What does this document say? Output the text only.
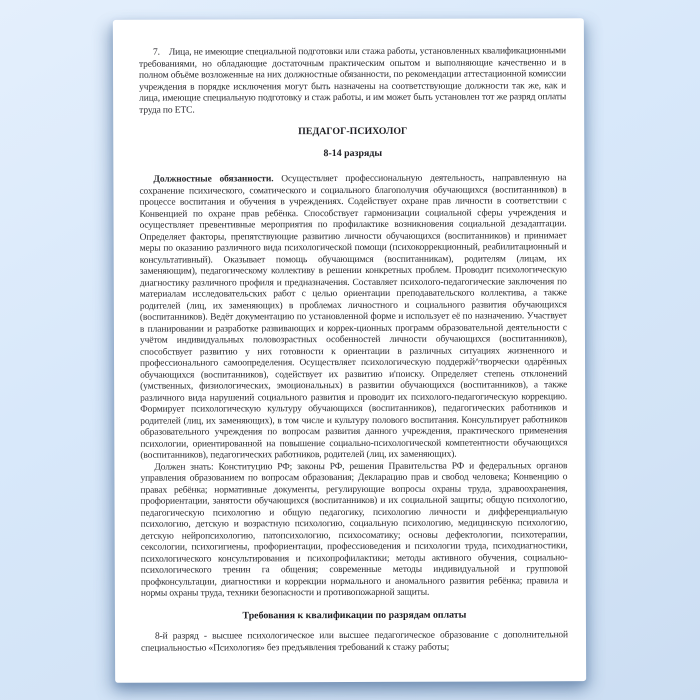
7. Лица, не имеющие специальной подготовки или стажа работы, установленных квалификационными требованиями, но обладающие достаточным практическим опытом и выполняющие качественно и в полном объёме возложенные на них должностные обязанности, по рекомендации аттестационной комиссии учреждения в порядке исключения могут быть назначены на соответствующие должности так же, как и лица, имеющие специальную подготовку и стаж работы, и им может быть установлен тот же разряд оплаты труда по ЕТС.

ПЕДАГОГ-ПСИХОЛОГ
8-14 разряды

Должностные обязанности. Осуществляет профессиональную деятельность, направленную на сохранение психического, соматического и социального благополучия обучающихся (воспитанников) в процессе воспитания и обучения в учреждениях. Содействует охране прав личности в соответствии с Конвенцией по охране прав ребёнка. Способствует гармонизации социальной сферы учреждения и осуществляет превентивные мероприятия по профилактике возникновения социальной дезадаптации. Определяет факторы, препятствующие развитию личности обучающихся (воспитанников) и принимает меры по оказанию различного вида психологической помощи (психокоррекционный, реабилитационный и консультативный). Оказывает помощь обучающимся (воспитанникам), родителям (лицам, их заменяющим), педагогическому коллективу в решении конкретных проблем. Проводит психологическую диагностику различного профиля и предназначения. Составляет психолого-педагогические заключения по материалам исследовательских работ с целью ориентации преподавательского коллектива, а также родителей (лиц, их заменяющих) в проблемах личностного и социального развития обучающихся (воспитанников). Ведёт документацию по установленной форме и использует её по назначению. Участвует в планировании и разработке развивающих и коррек-ционных программ образовательной деятельности с учётом индивидуальных половозрастных особенностей личности обучающихся (воспитанников), способствует развитию у них готовности к ориентации в различных ситуациях жизненного и профессионального самоопределения. Осуществляет психологическую поддержй^творчески одарённых обучающихся (воспитанников), содействует их развитию и'поиску. Определяет степень отклонений (умственных, физиологических, эмоциональных) в развитии обучающихся (воспитанников), а также различного вида нарушений социального развития и проводит их психолого-педагогическую коррекцию. Формирует психологическую культуру обучающихся (воспитанников), педагогических работников и родителей (лиц, их заменяющих), в том числе и культуру полового воспитания. Консультирует работников образовательного учреждения по вопросам развития данного учреждения, практического применения психологии, ориентированной на повышение социально-психологической компетентности обучающихся (воспитанников), педагогических работников, родителей (лиц, их заменяющих).

Должен знать: Конституцию РФ; законы РФ, решения Правительства РФ и федеральных органов управления образованием по вопросам образования; Декларацию прав и свобод человека; Конвенцию о правах ребёнка; нормативные документы, регулирующие вопросы охраны труда, здравоохранения, профориентации, занятости обучающихся (воспитанников) и их социальной защиты; общую психологию, педагогическую психологию и общую педагогику, психологию личности и дифференциальную психологию, детскую и возрастную психологию, социальную психологию, медицинскую психологию, детскую нейропсихологию, патопсихологию, психосоматику; основы дефектологии, психотерапии, сексологии, психогигиены, профориентации, профессиоведения и психологии труда, психодиагностики, психологического консультирования и психопрофилактики; методы активного обучения, социально-психологического тренин га общения; современные методы индивидуальной и групповой профконсультации, диагностики и коррекции нормального и аномального развития ребёнка; правила и нормы охраны труда, техники безопасности и противопожарной защиты.

Требования к квалификации по разрядам оплаты

8-й разряд - высшее психологическое или высшее педагогическое образование с дополнительной специальностью «Психология» без предъявления требований к стажу работы;
